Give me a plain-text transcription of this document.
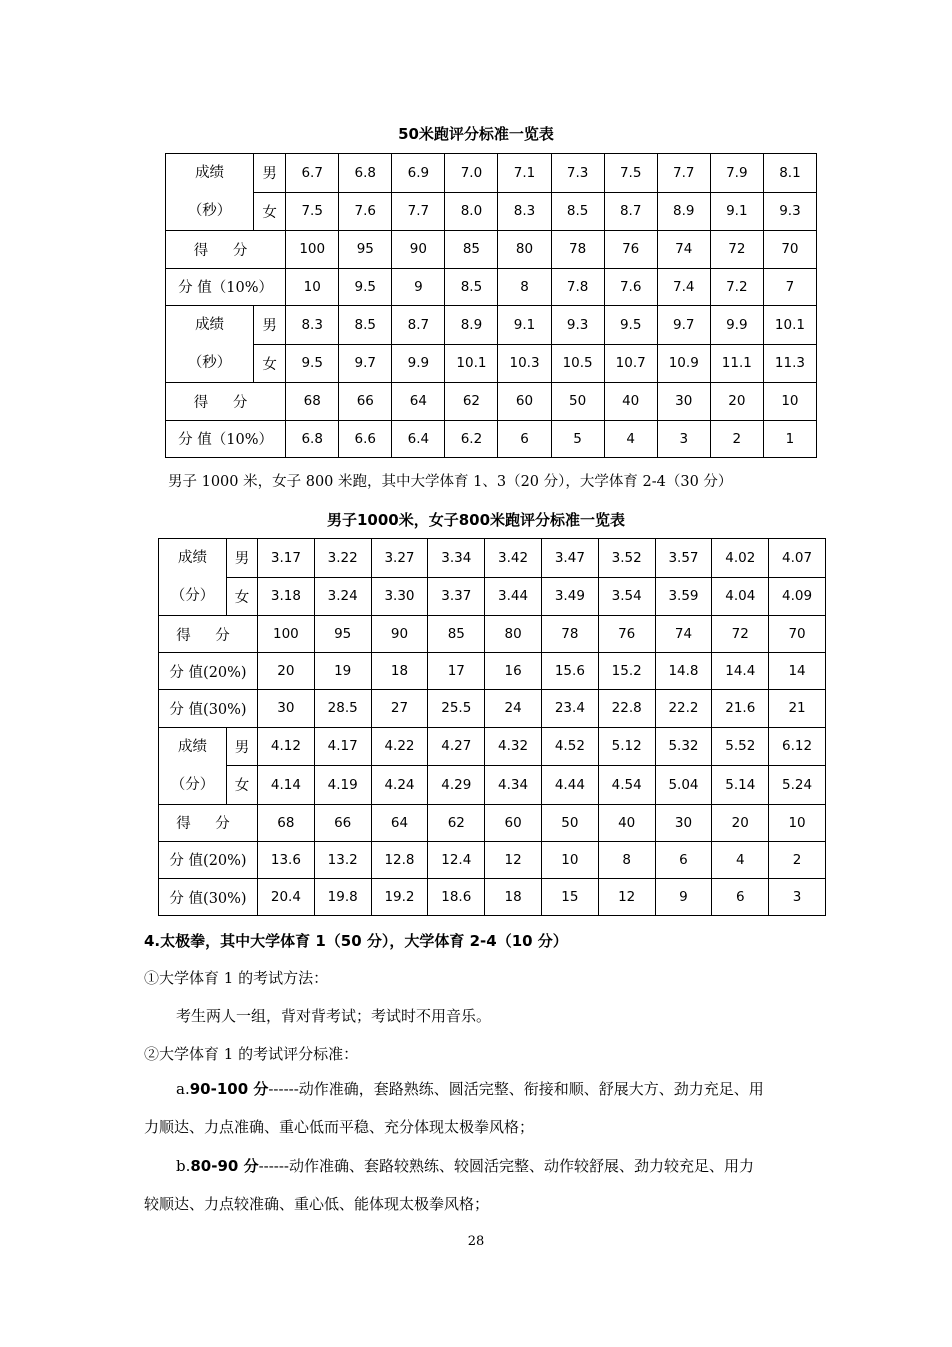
50米跑评分标准一览表
成绩
（秒）	男	6.7	6.8	6.9	7.0	7.1	7.3	7.5	7.7	7.9	8.1
	女	7.5	7.6	7.7	8.0	8.3	8.5	8.7	8.9	9.1	9.3
得 分		100	95	90	85	80	78	76	74	72	70
分 值（10%）		10	9.5	9	8.5	8	7.8	7.6	7.4	7.2	7

成绩
（秒）	男	8.3	8.5	8.7	8.9	9.1	9.3	9.5	9.7	9.9	10.1
	女	9.5	9.7	9.9	10.1	10.3	10.5	10.7	10.9	11.1	11.3
得 分		68	66	64	62	60	50	40	30	20	10
分 值（10%）		6.8	6.6	6.4	6.2	6	5	4	3	2	1
男子 1000 米，女子 800 米跑，其中大学体育 1、3（20 分），大学体育 2-4（30 分）
男子1000米，女子800米跑评分标准一览表
成绩
（分）	男	3.17	3.22	3.27	3.34	3.42	3.47	3.52	3.57	4.02	4.07
	女	3.18	3.24	3.30	3.37	3.44	3.49	3.54	3.59	4.04	4.09
得 分		100	95	90	85	80	78	76	74	72	70
分 值(20%)		20	19	18	17	16	15.6	15.2	14.8	14.4	14
分 值(30%)		30	28.5	27	25.5	24	23.4	22.8	22.2	21.6	21

成绩
（分）	男	4.12	4.17	4.22	4.27	4.32	4.52	5.12	5.32	5.52	6.12
	女	4.14	4.19	4.24	4.29	4.34	4.44	4.54	5.04	5.14	5.24
得 分		68	66	64	62	60	50	40	30	20	10
分 值(20%)		13.6	13.2	12.8	12.4	12	10	8	6	4	2
分 值(30%)		20.4	19.8	19.2	18.6	18	15	12	9	6	3
4.太极拳，其中大学体育 1（50 分），大学体育 2-4（10 分）
①大学体育 1 的考试方法：
考生两人一组，背对背考试；考试时不用音乐。
②大学体育 1 的考试评分标准：
a.90-100 分------动作准确，套路熟练、圆活完整、衔接和顺、舒展大方、劲力充足、用
力顺达、力点准确、重心低而平稳、充分体现太极拳风格；
b.80-90 分------动作准确、套路较熟练、较圆活完整、动作较舒展、劲力较充足、用力
较顺达、力点较准确、重心低、能体现太极拳风格；
28
